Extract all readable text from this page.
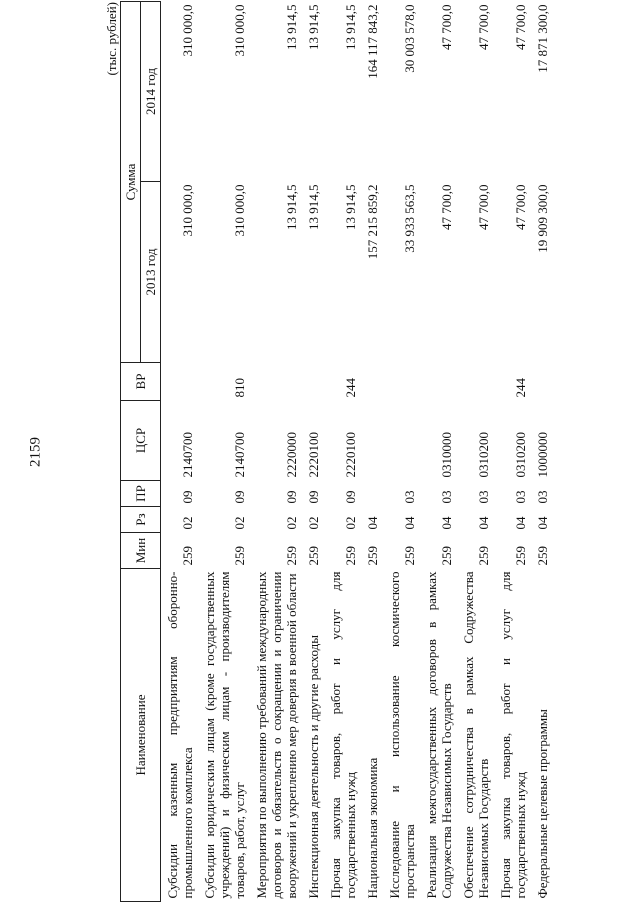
2159
(тыс. рублей)
Наименование	Мин	Рз	ПР	ЦСР	ВР	Сумма	
						2013 год	2014 год
Субсидии казенным предприятиям оборонно-промышленного комплекса	259	02	09	2140700		310 000,0	310 000,0
Субсидии юридическим лицам (кроме государственных учреждений) и физическим лицам - производителям товаров, работ, услуг	259	02	09	2140700	810	310 000,0	310 000,0
Мероприятия по выполнению требований международных договоров и обязательств о сокращении и ограничении вооружений и укреплению мер доверия в военной области	259	02	09	2220000		13 914,5	13 914,5
Инспекционная деятельность и другие расходы	259	02	09	2220100		13 914,5	13 914,5
Прочая закупка товаров, работ и услуг для государственных нужд	259	02	09	2220100	244	13 914,5	13 914,5
Национальная экономика	259	04				157 215 859,2	164 117 843,2
Исследование и использование космического пространства	259	04	03			33 933 563,5	30 003 578,0
Реализация межгосударственных договоров в рамках Содружества Независимых Государств	259	04	03	0310000		47 700,0	47 700,0
Обеспечение сотрудничества в рамках Содружества Независимых Государств	259	04	03	0310200		47 700,0	47 700,0
Прочая закупка товаров, работ и услуг для государственных нужд	259	04	03	0310200	244	47 700,0	47 700,0
Федеральные целевые программы	259	04	03	1000000		19 909 300,0	17 871 300,0
